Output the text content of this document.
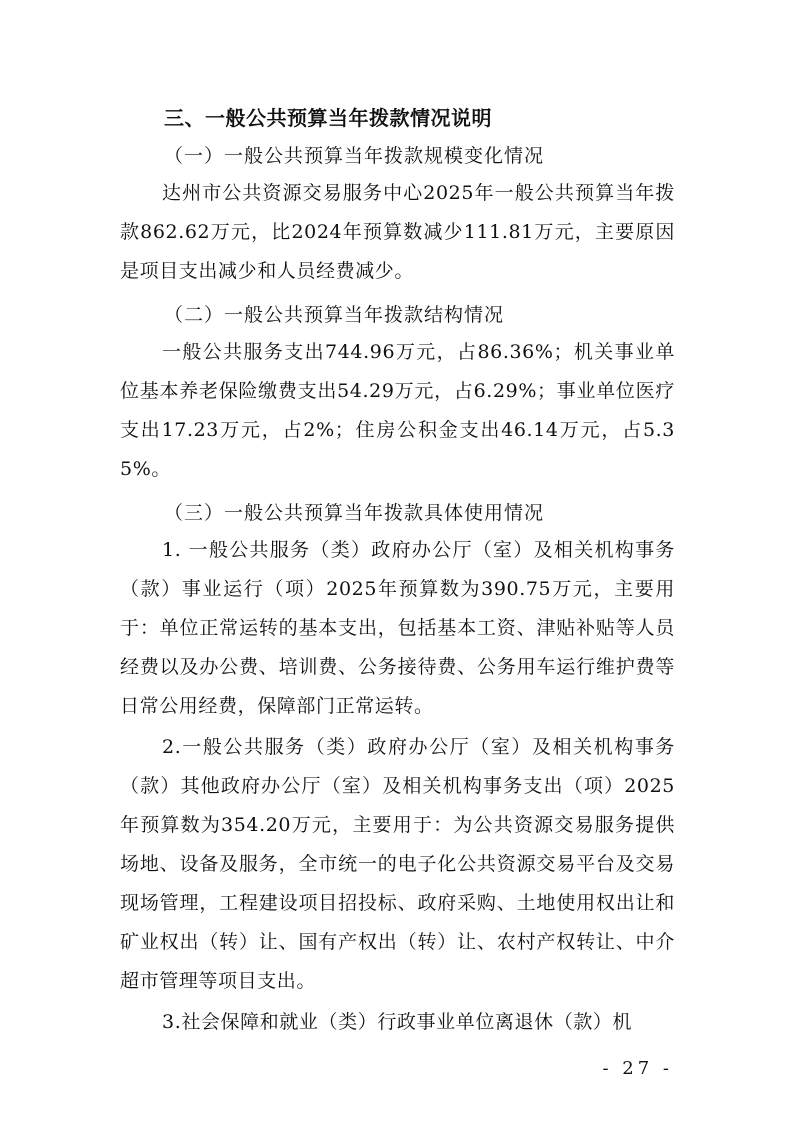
三、一般公共预算当年拨款情况说明
（一）一般公共预算当年拨款规模变化情况

达州市公共资源交易服务中心2025年一般公共预算当年拨款862.62万元，比2024年预算数减少111.81万元，主要原因是项目支出减少和人员经费减少。

（二）一般公共预算当年拨款结构情况

一般公共服务支出744.96万元，占86.36%；机关事业单位基本养老保险缴费支出54.29万元，占6.29%；事业单位医疗支出17.23万元，占2%；住房公积金支出46.14万元，占5.35%。

（三）一般公共预算当年拨款具体使用情况

1. 一般公共服务（类）政府办公厅（室）及相关机构事务（款）事业运行（项）2025年预算数为390.75万元，主要用于：单位正常运转的基本支出，包括基本工资、津贴补贴等人员经费以及办公费、培训费、公务接待费、公务用车运行维护费等日常公用经费，保障部门正常运转。

2.一般公共服务（类）政府办公厅（室）及相关机构事务（款）其他政府办公厅（室）及相关机构事务支出（项）2025年预算数为354.20万元，主要用于：为公共资源交易服务提供场地、设备及服务，全市统一的电子化公共资源交易平台及交易现场管理，工程建设项目招投标、政府采购、土地使用权出让和矿业权出（转）让、国有产权出（转）让、农村产权转让、中介超市管理等项目支出。

3.社会保障和就业（类）行政事业单位离退休（款）机

- 27 -
